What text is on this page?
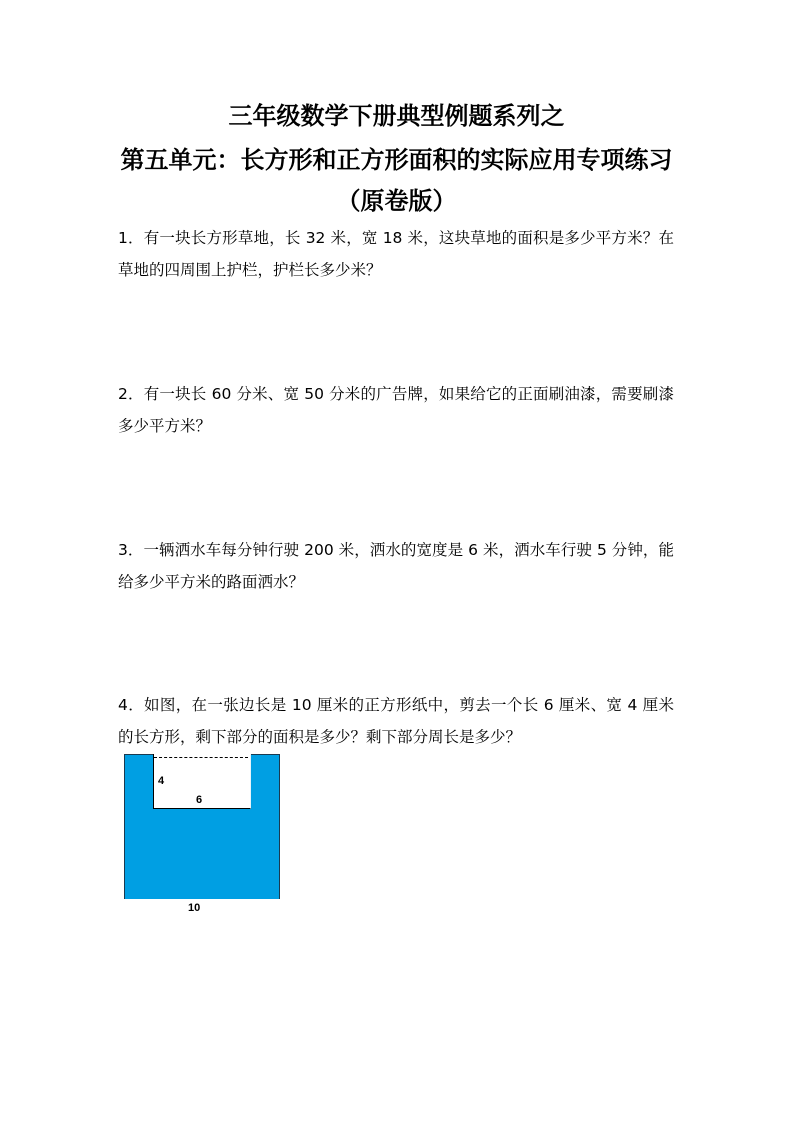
三年级数学下册典型例题系列之
第五单元：长方形和正方形面积的实际应用专项练习
（原卷版）

1．有一块长方形草地，长 32 米，宽 18 米，这块草地的面积是多少平方米？在草地的四周围上护栏，护栏长多少米？

2．有一块长 60 分米、宽 50 分米的广告牌，如果给它的正面刷油漆，需要刷漆多少平方米？

3．一辆洒水车每分钟行驶 200 米，洒水的宽度是 6 米，洒水车行驶 5 分钟，能给多少平方米的路面洒水？

4．如图，在一张边长是 10 厘米的正方形纸中，剪去一个长 6 厘米、宽 4 厘米的长方形，剩下部分的面积是多少？剩下部分周长是多少？

4
6
10
